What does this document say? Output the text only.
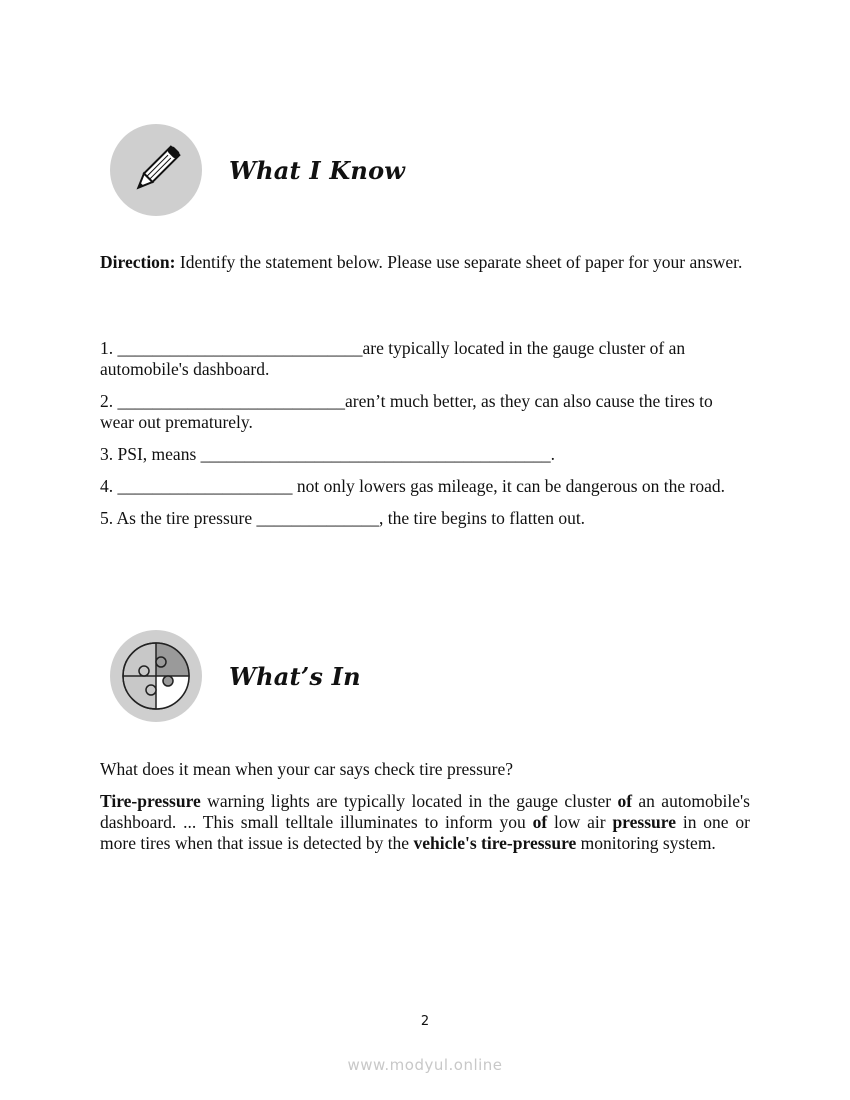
What I Know

Direction: Identify the statement below. Please use separate sheet of paper for your answer.

1. ____________________________are typically located in the gauge cluster of an automobile's dashboard.

2. __________________________aren’t much better, as they can also cause the tires to wear out prematurely.

3. PSI, means ________________________________________.

4. ____________________ not only lowers gas mileage, it can be dangerous on the road.

5. As the tire pressure ______________, the tire begins to flatten out.

What’s In

What does it mean when your car says check tire pressure?

Tire-pressure warning lights are typically located in the gauge cluster of an automobile's dashboard. ... This small telltale illuminates to inform you of low air pressure in one or more tires when that issue is detected by the vehicle's tire-pressure monitoring system.

2
www.modyul.online
